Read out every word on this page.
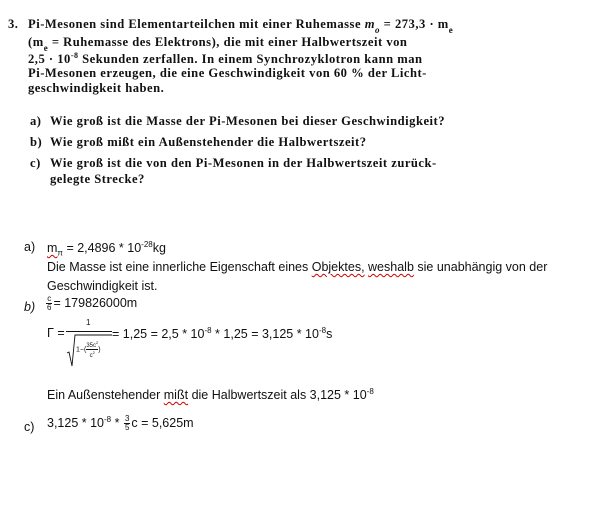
3. Pi-Mesonen sind Elementarteilchen mit einer Ruhemasse $m_o = 273,3 \cdot m_e$
($m_e$ = Ruhemasse des Elektrons), die mit einer Halbwertszeit von
$2,5 \cdot 10^{-8}$ Sekunden zerfallen. In einem Synchrozyklotron kann man
Pi-Mesonen erzeugen, die eine Geschwindigkeit von 60 % der Licht-
geschwindigkeit haben.
a) Wie groß ist die Masse der Pi-Mesonen bei dieser Geschwindigkeit?
b) Wie groß mißt ein Außenstehender die Halbwertszeit?
c) Wie groß ist die von den Pi-Mesonen in der Halbwertszeit zurück-
gelegte Strecke?
a) $m_\pi = 2,4896 * 10^{-28}kg$
Die Masse ist eine innerliche Eigenschaft eines Objektes, weshalb sie unabhängig von der
Geschwindigkeit ist.
$b) \frac{c}{6} = 179826000m$
Γ =
1
$1-( \frac{35c^2}{c^2}$ )
= $1,25 = 2,5 * 10^{-8} * 1,25 = 3,125 * 10^{-8}s$
Ein Außenstehender mißt die Halbwertszeit als $3,125 * 10^{-8}$
c) $3,125 * 10^{-8} * \frac{3}{5}$ c = 5,625m
